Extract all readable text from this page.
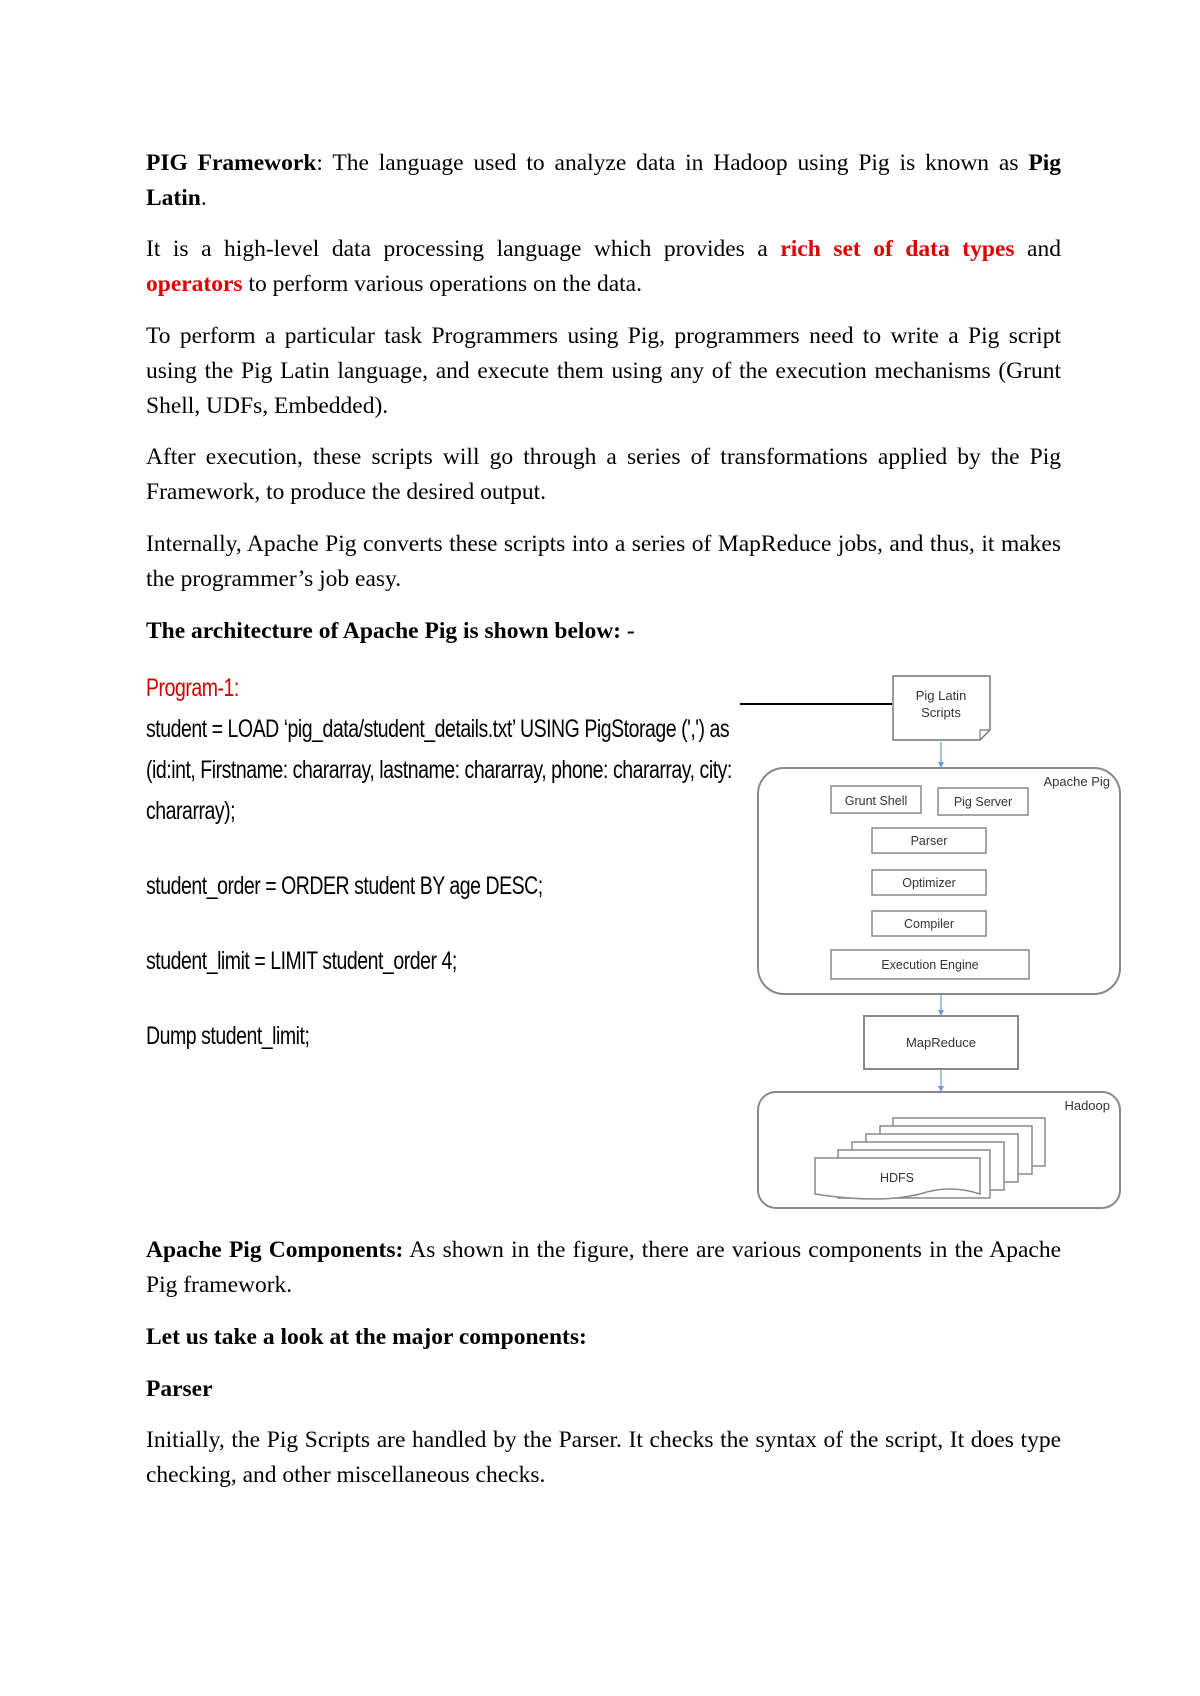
PIG Framework: The language used to analyze data in Hadoop using Pig is known as Pig Latin.

It is a high-level data processing language which provides a rich set of data types and operators to perform various operations on the data.

To perform a particular task Programmers using Pig, programmers need to write a Pig script using the Pig Latin language, and execute them using any of the execution mechanisms (Grunt Shell, UDFs, Embedded).

After execution, these scripts will go through a series of transformations applied by the Pig Framework, to produce the desired output.

Internally, Apache Pig converts these scripts into a series of MapReduce jobs, and thus, it makes the programmer’s job easy.

The architecture of Apache Pig is shown below: -

Program-1:

student = LOAD ‘pig_data/student_details.txt’ USING PigStorage (',') as

(id:int, Firstname: chararray, lastname: chararray, phone: chararray, city:

chararray);

student_order = ORDER student BY age DESC;

student_limit = LIMIT student_order 4;

Dump student_limit;

Pig Latin
Scripts
Apache Pig
Grunt Shell	Pig Server
Parser
Optimizer
Compiler
Execution Engine
MapReduce
Hadoop
HDFS

Apache Pig Components: As shown in the figure, there are various components in the Apache Pig framework.

Let us take a look at the major components:

Parser

Initially, the Pig Scripts are handled by the Parser. It checks the syntax of the script, It does type checking, and other miscellaneous checks.
